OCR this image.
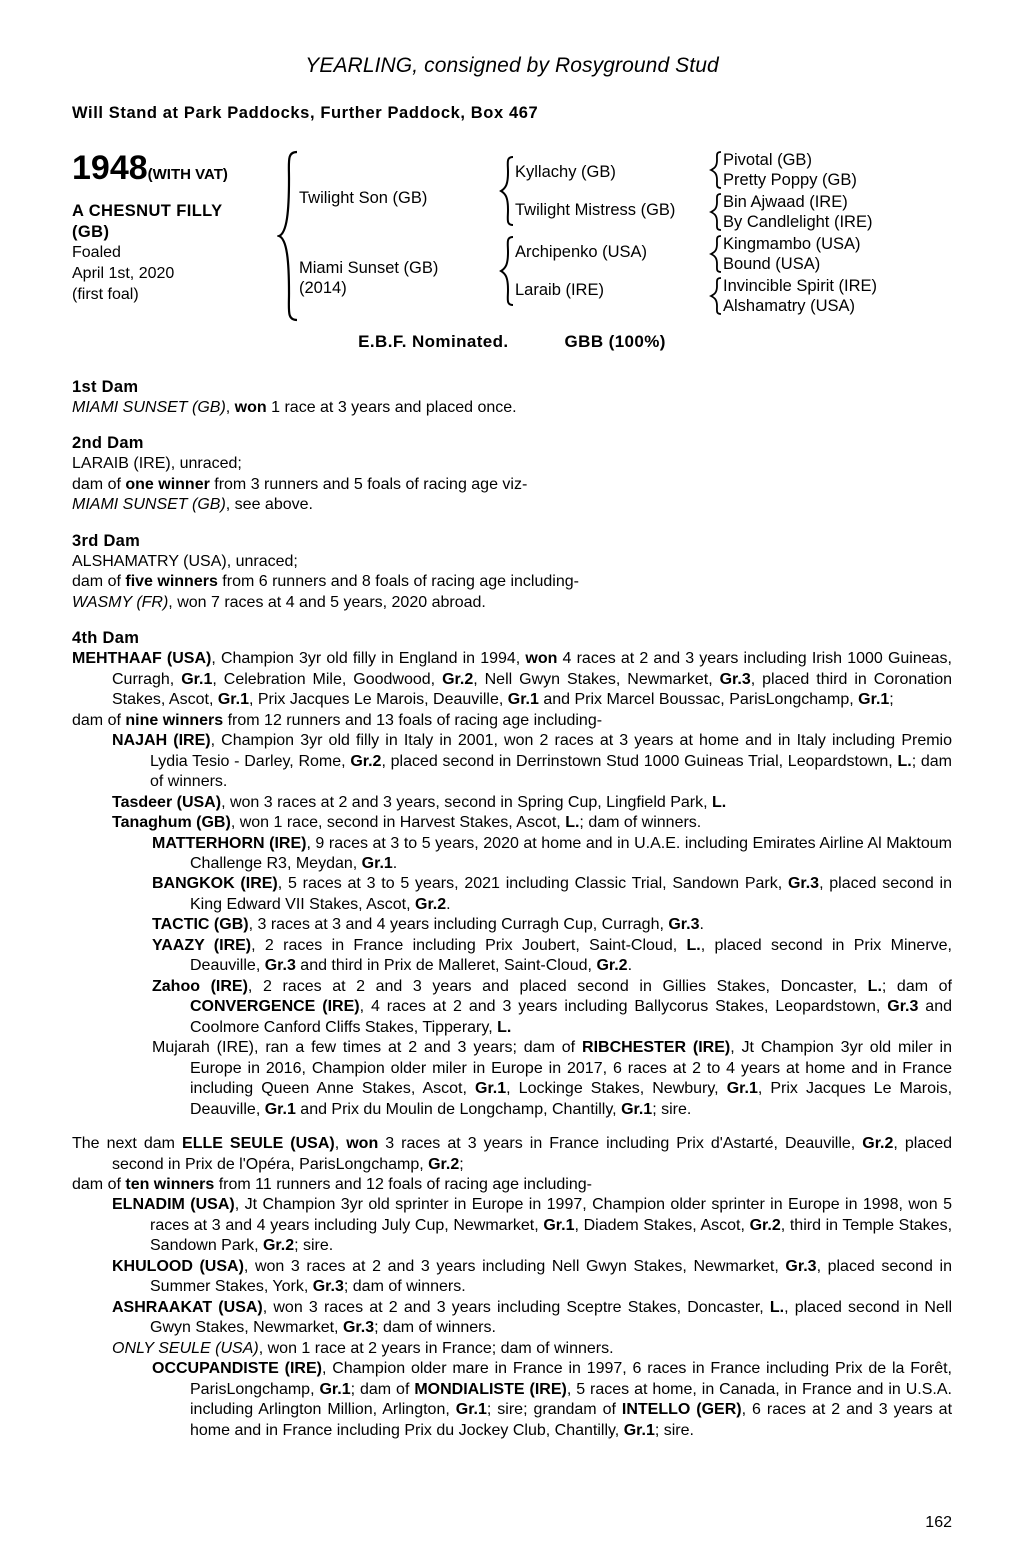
YEARLING, consigned by Rosyground Stud
Will Stand at Park Paddocks, Further Paddock, Box 467
1948(WITH VAT)
A CHESNUT FILLY
(GB)
Foaled
April 1st, 2020
(first foal)
Twilight Son (GB)
Miami Sunset (GB)
(2014)
Kyllachy (GB)
Twilight Mistress (GB)
Archipenko (USA)
Laraib (IRE)
Pivotal (GB)
Pretty Poppy (GB)
Bin Ajwaad (IRE)
By Candlelight (IRE)
Kingmambo (USA)
Bound (USA)
Invincible Spirit (IRE)
Alshamatry (USA)
E.B.F. Nominated.	GBB (100%)
1st Dam

MIAMI SUNSET (GB), won 1 race at 3 years and placed once.

2nd Dam

LARAIB (IRE), unraced;

dam of one winner from 3 runners and 5 foals of racing age viz-

MIAMI SUNSET (GB), see above.

3rd Dam

ALSHAMATRY (USA), unraced;

dam of five winners from 6 runners and 8 foals of racing age including-

WASMY (FR), won 7 races at 4 and 5 years, 2020 abroad.

4th Dam

MEHTHAAF (USA), Champion 3yr old filly in England in 1994, won 4 races at 2 and 3 years including Irish 1000 Guineas, Curragh, Gr.1, Celebration Mile, Goodwood, Gr.2, Nell Gwyn Stakes, Newmarket, Gr.3, placed third in Coronation Stakes, Ascot, Gr.1, Prix Jacques Le Marois, Deauville, Gr.1 and Prix Marcel Boussac, ParisLongchamp, Gr.1;

dam of nine winners from 12 runners and 13 foals of racing age including-

NAJAH (IRE), Champion 3yr old filly in Italy in 2001, won 2 races at 3 years at home and in Italy including Premio Lydia Tesio - Darley, Rome, Gr.2, placed second in Derrinstown Stud 1000 Guineas Trial, Leopardstown, L.; dam of winners.

Tasdeer (USA), won 3 races at 2 and 3 years, second in Spring Cup, Lingfield Park, L.

Tanaghum (GB), won 1 race, second in Harvest Stakes, Ascot, L.; dam of winners.

MATTERHORN (IRE), 9 races at 3 to 5 years, 2020 at home and in U.A.E. including Emirates Airline Al Maktoum Challenge R3, Meydan, Gr.1.

BANGKOK (IRE), 5 races at 3 to 5 years, 2021 including Classic Trial, Sandown Park, Gr.3, placed second in King Edward VII Stakes, Ascot, Gr.2.

TACTIC (GB), 3 races at 3 and 4 years including Curragh Cup, Curragh, Gr.3.

YAAZY (IRE), 2 races in France including Prix Joubert, Saint-Cloud, L., placed second in Prix Minerve, Deauville, Gr.3 and third in Prix de Malleret, Saint-Cloud, Gr.2.

Zahoo (IRE), 2 races at 2 and 3 years and placed second in Gillies Stakes, Doncaster, L.; dam of CONVERGENCE (IRE), 4 races at 2 and 3 years including Ballycorus Stakes, Leopardstown, Gr.3 and Coolmore Canford Cliffs Stakes, Tipperary, L.

Mujarah (IRE), ran a few times at 2 and 3 years; dam of RIBCHESTER (IRE), Jt Champion 3yr old miler in Europe in 2016, Champion older miler in Europe in 2017, 6 races at 2 to 4 years at home and in France including Queen Anne Stakes, Ascot, Gr.1, Lockinge Stakes, Newbury, Gr.1, Prix Jacques Le Marois, Deauville, Gr.1 and Prix du Moulin de Longchamp, Chantilly, Gr.1; sire.

The next dam ELLE SEULE (USA), won 3 races at 3 years in France including Prix d'Astarté, Deauville, Gr.2, placed second in Prix de l'Opéra, ParisLongchamp, Gr.2;

dam of ten winners from 11 runners and 12 foals of racing age including-

ELNADIM (USA), Jt Champion 3yr old sprinter in Europe in 1997, Champion older sprinter in Europe in 1998, won 5 races at 3 and 4 years including July Cup, Newmarket, Gr.1, Diadem Stakes, Ascot, Gr.2, third in Temple Stakes, Sandown Park, Gr.2; sire.

KHULOOD (USA), won 3 races at 2 and 3 years including Nell Gwyn Stakes, Newmarket, Gr.3, placed second in Summer Stakes, York, Gr.3; dam of winners.

ASHRAAKAT (USA), won 3 races at 2 and 3 years including Sceptre Stakes, Doncaster, L., placed second in Nell Gwyn Stakes, Newmarket, Gr.3; dam of winners.

ONLY SEULE (USA), won 1 race at 2 years in France; dam of winners.

OCCUPANDISTE (IRE), Champion older mare in France in 1997, 6 races in France including Prix de la Forêt, ParisLongchamp, Gr.1; dam of MONDIALISTE (IRE), 5 races at home, in Canada, in France and in U.S.A. including Arlington Million, Arlington, Gr.1; sire; grandam of INTELLO (GER), 6 races at 2 and 3 years at home and in France including Prix du Jockey Club, Chantilly, Gr.1; sire.

162
